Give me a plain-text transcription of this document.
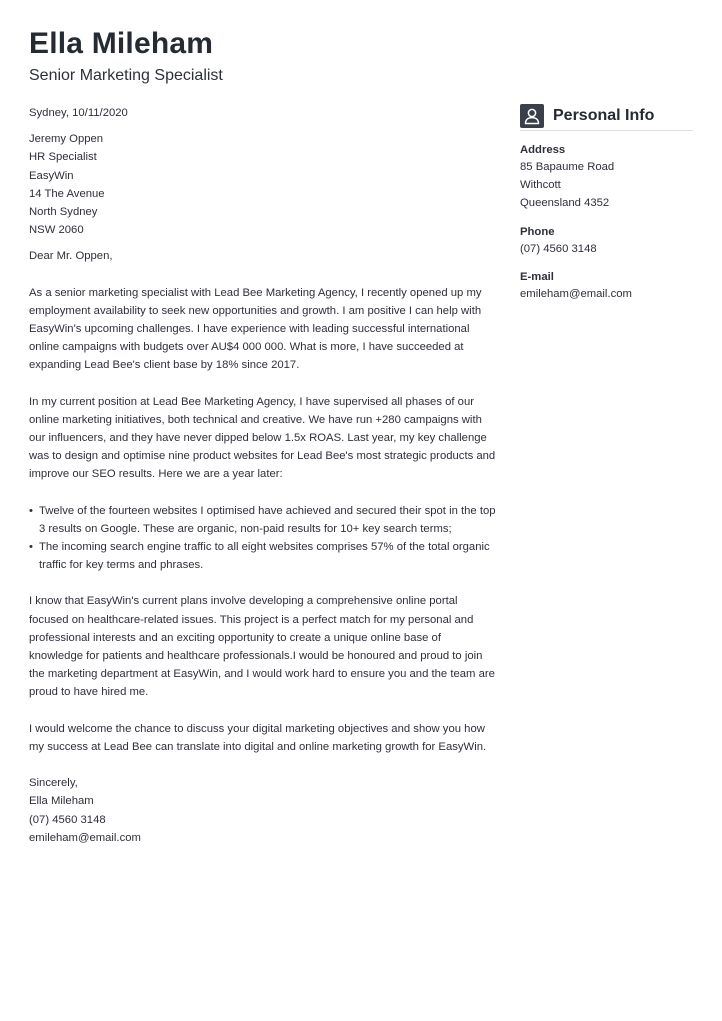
Ella Mileham
Senior Marketing Specialist

Sydney, 10/11/2020

Jeremy Oppen
HR Specialist
EasyWin
14 The Avenue
North Sydney
NSW 2060

Dear Mr. Oppen,

As a senior marketing specialist with Lead Bee Marketing Agency, I recently opened up my employment availability to seek new opportunities and growth. I am positive I can help with EasyWin's upcoming challenges. I have experience with leading successful international online campaigns with budgets over AU$4 000 000. What is more, I have succeeded at expanding Lead Bee's client base by 18% since 2017.

In my current position at Lead Bee Marketing Agency, I have supervised all phases of our online marketing initiatives, both technical and creative. We have run +280 campaigns with our influencers, and they have never dipped below 1.5x ROAS. Last year, my key challenge was to design and optimise nine product websites for Lead Bee's most strategic products and improve our SEO results. Here we are a year later:

• Twelve of the fourteen websites I optimised have achieved and secured their spot in the top 3 results on Google. These are organic, non-paid results for 10+ key search terms;
• The incoming search engine traffic to all eight websites comprises 57% of the total organic traffic for key terms and phrases.

I know that EasyWin's current plans involve developing a comprehensive online portal focused on healthcare-related issues. This project is a perfect match for my personal and professional interests and an exciting opportunity to create a unique online base of knowledge for patients and healthcare professionals.I would be honoured and proud to join the marketing department at EasyWin, and I would work hard to ensure you and the team are proud to have hired me.

I would welcome the chance to discuss your digital marketing objectives and show you how my success at Lead Bee can translate into digital and online marketing growth for EasyWin.

Sincerely,
Ella Mileham
(07) 4560 3148
emileham@email.com
Personal Info
Address
85 Bapaume Road
Withcott
Queensland 4352
Phone
(07) 4560 3148
E-mail
emileham@email.com
